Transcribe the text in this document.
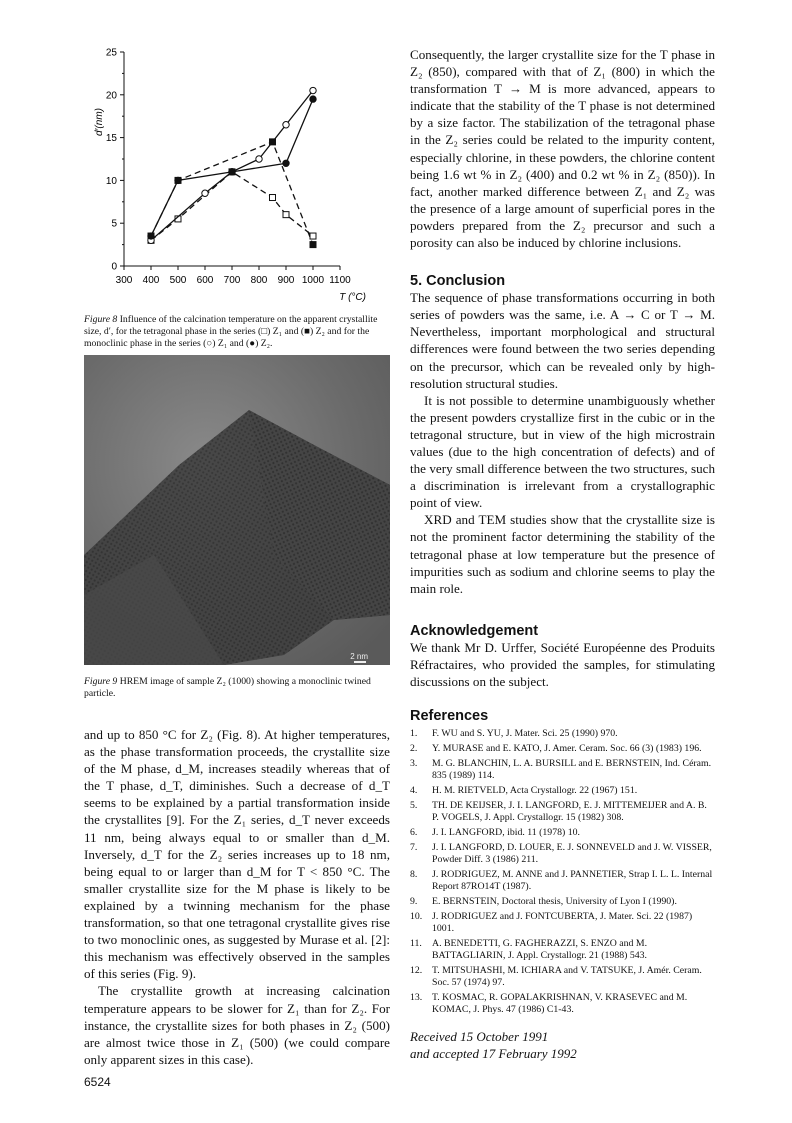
d′(nm)
T (°C)
300 400 500 600 700 800 900 1000 1100
0
5
10
15
20
25
Figure 8 Influence of the calcination temperature on the apparent crystallite size, d′, for the tetragonal phase in the series (□) Z₁ and (■) Z₂ and for the monoclinic phase in the series (○) Z₁ and (●) Z₂.
2 nm
Figure 9 HREM image of sample Z₂ (1000) showing a monoclinic twined particle.

and up to 850 °C for Z₂ (Fig. 8). At higher temperatures, as the phase transformation proceeds, the crystallite size of the M phase, d_M, increases steadily whereas that of the T phase, d_T, diminishes. Such a decrease of d_T seems to be explained by a partial transformation inside the crystallites [9]. For the Z₁ series, d_T never exceeds 11 nm, being always equal to or smaller than d_M. Inversely, d_T for the Z₂ series increases up to 18 nm, being equal to or larger than d_M for T < 850 °C. The smaller crystallite size for the M phase is likely to be explained by a twinning mechanism for the phase transformation, so that one tetragonal crystallite gives rise to two monoclinic ones, as suggested by Murase et al. [2]: this mechanism was effectively observed in the samples of this series (Fig. 9).

The crystallite growth at increasing calcination temperature appears to be slower for Z₁ than for Z₂. For instance, the crystallite sizes for both phases in Z₂ (500) are almost twice those in Z₁ (500) (we could compare only apparent sizes in this case).

6524

Consequently, the larger crystallite size for the T phase in Z₂ (850), compared with that of Z₁ (800) in which the transformation T → M is more advanced, appears to indicate that the stability of the T phase is not determined by a size factor. The stabilization of the tetragonal phase in the Z₂ series could be related to the impurity content, especially chlorine, in these powders, the chlorine content being 1.6 wt % in Z₂ (400) and 0.2 wt % in Z₂ (850)). In fact, another marked difference between Z₁ and Z₂ was the presence of a large amount of superficial pores in the powders prepared from the Z₂ precursor and such a porosity can also be induced by chlorine inclusions.

5. Conclusion

The sequence of phase transformations occurring in both series of powders was the same, i.e. A → C or T → M. Nevertheless, important morphological and structural differences were found between the two series depending on the precursor, which can be revealed only by high-resolution structural studies.

It is not possible to determine unambiguously whether the present powders crystallize first in the cubic or in the tetragonal structure, but in view of the high microstrain values (due to the high concentration of defects) and of the very small difference between the two structures, such a discrimination is irrelevant from a crystallographic point of view.

XRD and TEM studies show that the crystallite size is not the prominent factor determining the stability of the tetragonal phase at low temperature but the presence of impurities such as sodium and chlorine seems to play the main role.

Acknowledgement

We thank Mr D. Urffer, Société Européenne des Produits Réfractaires, who provided the samples, for stimulating discussions on the subject.

References
1.	F. WU and S. YU, J. Mater. Sci. 25 (1990) 970.
2.	Y. MURASE and E. KATO, J. Amer. Ceram. Soc. 66 (3) (1983) 196.
3.	M. G. BLANCHIN, L. A. BURSILL and E. BERNSTEIN, Ind. Céram. 835 (1989) 114.
4.	H. M. RIETVELD, Acta Crystallogr. 22 (1967) 151.
5.	TH. DE KEIJSER, J. I. LANGFORD, E. J. MITTEMEIJER and A. B. P. VOGELS, J. Appl. Crystallogr. 15 (1982) 308.
6.	J. I. LANGFORD, ibid. 11 (1978) 10.
7.	J. I. LANGFORD, D. LOUER, E. J. SONNEVELD and J. W. VISSER, Powder Diff. 3 (1986) 211.
8.	J. RODRIGUEZ, M. ANNE and J. PANNETIER, Strap I. L. L. Internal Report 87RO14T (1987).
9.	E. BERNSTEIN, Doctoral thesis, University of Lyon I (1990).
10. J. RODRIGUEZ and J. FONTCUBERTA, J. Mater. Sci. 22 (1987) 1001.
11.	A. BENEDETTI, G. FAGHERAZZI, S. ENZO and M. BATTAGLIARIN, J. Appl. Crystallogr. 21 (1988) 543.
12. T. MITSUHASHI, M. ICHIARA and V. TATSUKE, J. Amér. Ceram. Soc. 57 (1974) 97.
13. T. KOSMAC, R. GOPALAKRISHNAN, V. KRASEVEC and M. KOMAC, J. Phys. 47 (1986) C1-43.
Received 15 October 1991
and accepted 17 February 1992
